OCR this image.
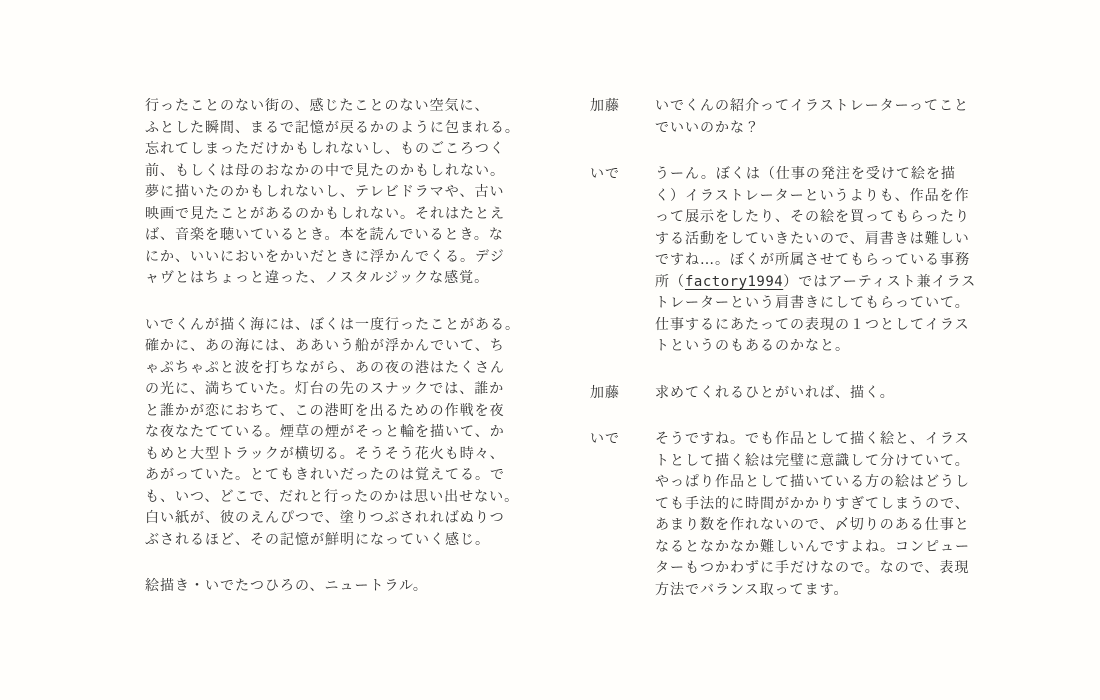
行ったことのない街の、感じたことのない空気に、
ふとした瞬間、まるで記憶が戻るかのように包まれる。
忘れてしまっただけかもしれないし、ものごころつく
前、もしくは母のおなかの中で見たのかもしれない。
夢に描いたのかもしれないし、テレビドラマや、古い
映画で見たことがあるのかもしれない。それはたとえ
ば、音楽を聴いているとき。本を読んでいるとき。な
にか、いいにおいをかいだときに浮かんでくる。デジ
ャヴとはちょっと違った、ノスタルジックな感覚。
いでくんが描く海には、ぼくは一度行ったことがある。
確かに、あの海には、ああいう船が浮かんでいて、ち
ゃぷちゃぷと波を打ちながら、あの夜の港はたくさん
の光に、満ちていた。灯台の先のスナックでは、誰か
と誰かが恋におちて、この港町を出るための作戦を夜
な夜なたてている。煙草の煙がそっと輪を描いて、か
もめと大型トラックが横切る。そうそう花火も時々、
あがっていた。とてもきれいだったのは覚えてる。で
も、いつ、どこで、だれと行ったのかは思い出せない。
白い紙が、彼のえんぴつで、塗りつぶされればぬりつ
ぶされるほど、その記憶が鮮明になっていく感じ。
絵描き・いでたつひろの、ニュートラル。
加藤	いでくんの紹介ってイラストレーターってこと
でいいのかな？
いで	うーん。ぼくは（仕事の発注を受けて絵を描
く）イラストレーターというよりも、作品を作
って展示をしたり、その絵を買ってもらったり
する活動をしていきたいので、肩書きは難しい
ですね…。ぼくが所属させてもらっている事務
所（factory1994）ではアーティスト兼イラス
トレーターという肩書きにしてもらっていて。
仕事するにあたっての表現の１つとしてイラス
トというのもあるのかなと。
加藤	求めてくれるひとがいれば、描く。
いで	そうですね。でも作品として描く絵と、イラス
トとして描く絵は完璧に意識して分けていて。
やっぱり作品として描いている方の絵はどうし
ても手法的に時間がかかりすぎてしまうので、
あまり数を作れないので、〆切りのある仕事と
なるとなかなか難しいんですよね。コンピュー
ターもつかわずに手だけなので。なので、表現
方法でバランス取ってます。
